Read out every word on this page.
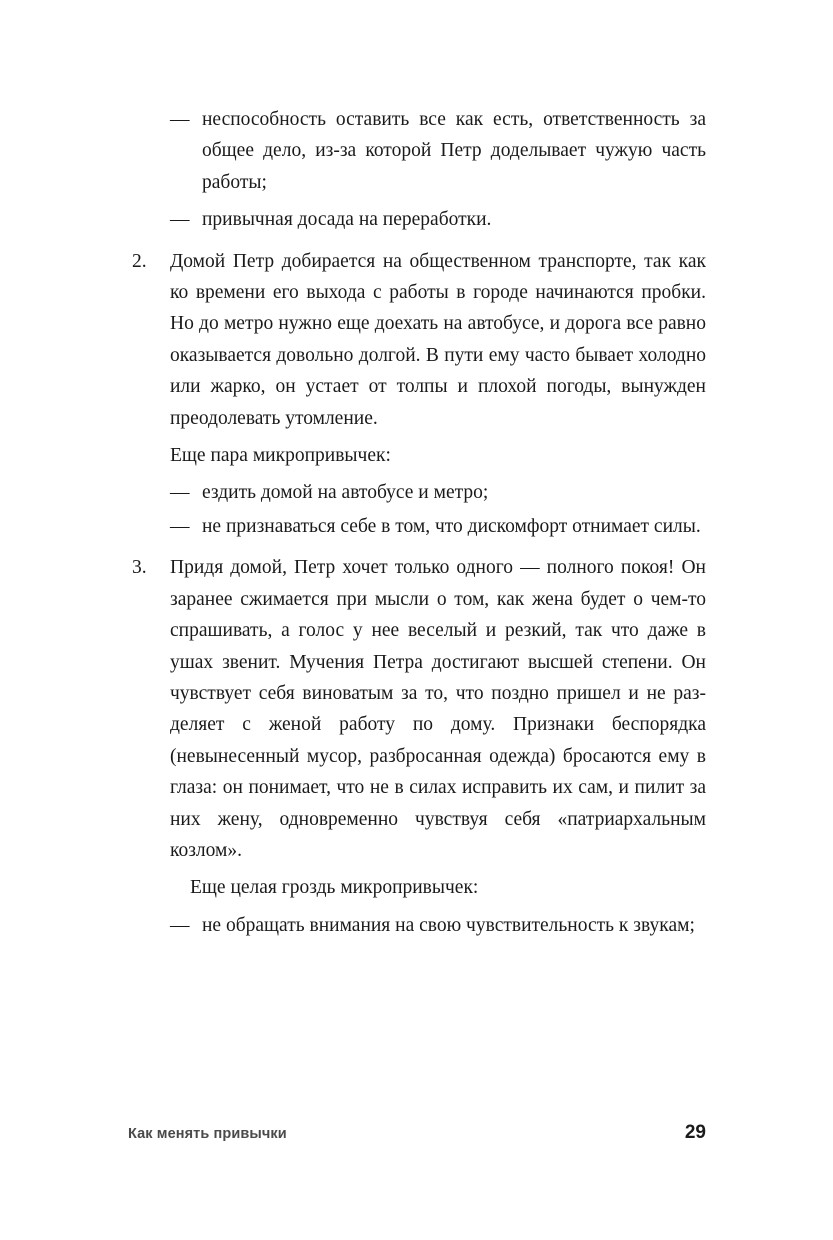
— неспособность оставить все как есть, ответственность за общее дело, из-за которой Петр доделывает чужую часть работы;
— привычная досада на переработки.
2.	Домой Петр добирается на общественном транспорте, так как ко времени его выхода с работы в городе начинаются пробки. Но до метро нужно еще доехать на автобусе, и дорога все равно оказывается довольно долгой. В пути ему часто бывает холодно или жарко, он устает от толпы и плохой погоды, вынужден преодолевать утомление.
Еще пара микропривычек:
— ездить домой на автобусе и метро;
— не признаваться себе в том, что дискомфорт отнимает силы.
3.	Придя домой, Петр хочет только одного — полного покоя! Он заранее сжимается при мысли о том, как жена будет о чем-то спрашивать, а голос у нее веселый и резкий, так что даже в ушах звенит. Мучения Петра достигают высшей степени. Он чувствует себя виноватым за то, что поздно пришел и не разделяет с женой работу по дому. Признаки беспорядка (невынесенный мусор, разбросанная одежда) бросаются ему в глаза: он понимает, что не в силах исправить их сам, и пилит за них жену, одновременно чувствуя себя «патриархальным козлом».
Еще целая гроздь микропривычек:
— не обращать внимания на свою чувствительность к звукам;
Как менять привычки	29
